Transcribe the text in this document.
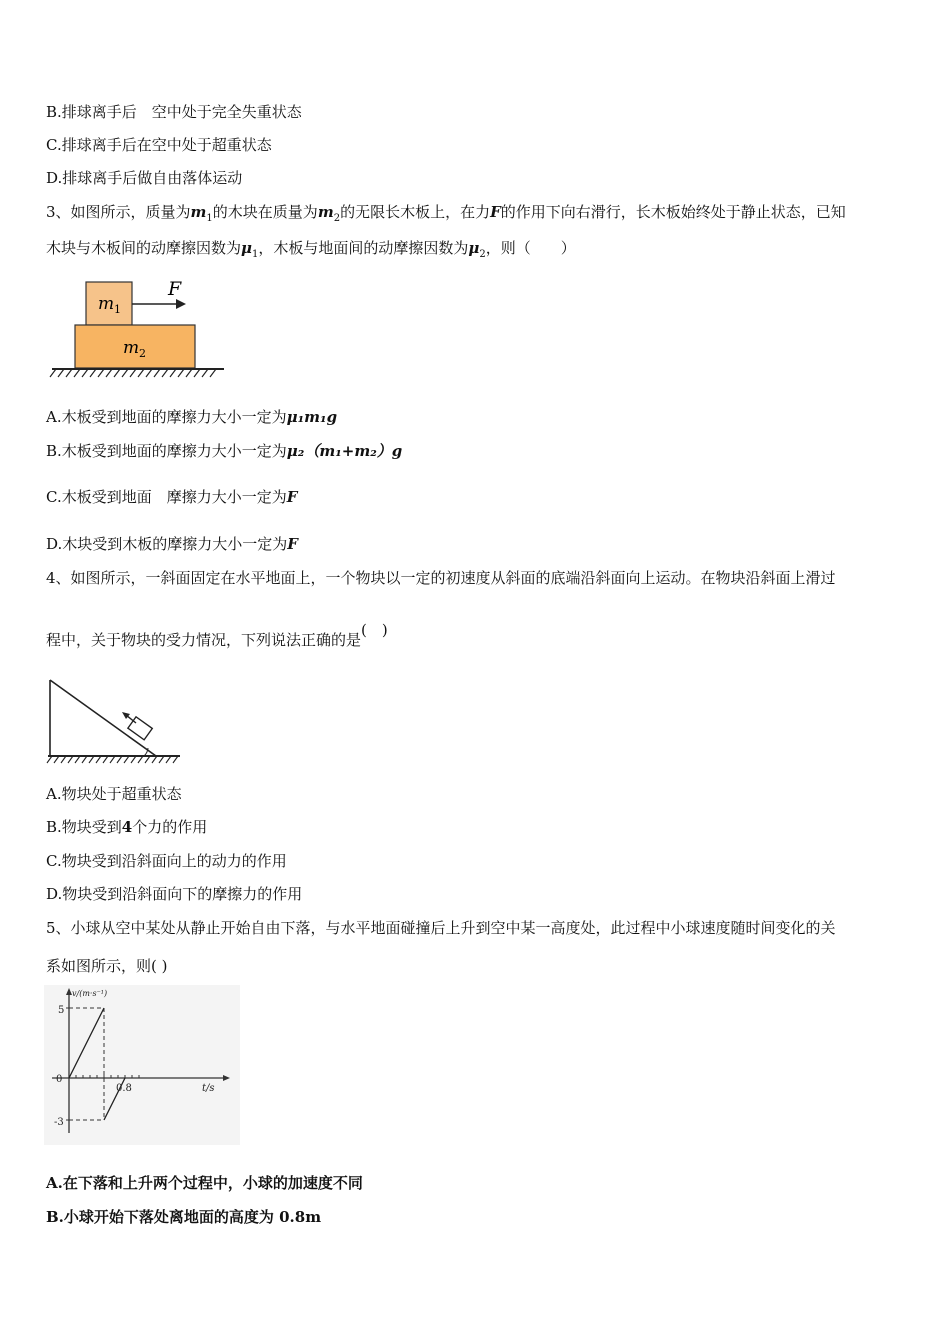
B.排球离手后　空中处于完全失重状态
C.排球离手后在空中处于超重状态
D.排球离手后做自由落体运动
3、如图所示，质量为$m_1$的木块在质量为$m_2$的无限长木板上，在力F的作用下向右滑行，长木板始终处于静止状态，已知
木块与木板间的动摩擦因数为$\mu_1$，木板与地面间的动摩擦因数为$\mu_2$，则（　　）
F
m 1
m 2
A.木板受到地面的摩擦力大小一定为μ₁m₁g
B.木板受到地面的摩擦力大小一定为μ₂（m₁+m₂）g
C.木板受到地面　摩擦力大小一定为F
D.木块受到木板的摩擦力大小一定为F
4、如图所示，一斜面固定在水平地面上，一个物块以一定的初速度从斜面的底端沿斜面向上运动。在物块沿斜面上滑过
程中，关于物块的受力情况，下列说法正确的是(　)
A.物块处于超重状态
B.物块受到4个力的作用
C.物块受到沿斜面向上的动力的作用
D.物块受到沿斜面向下的摩擦力的作用
5、小球从空中某处从静止开始自由下落，与水平地面碰撞后上升到空中某一高度处，此过程中小球速度随时间变化的关
系如图所示，则( )
v/(m·s⁻¹)
5
0
-3
0.8	t/s
A.在下落和上升两个过程中，小球的加速度不同
B.小球开始下落处离地面的高度为 0.8m
